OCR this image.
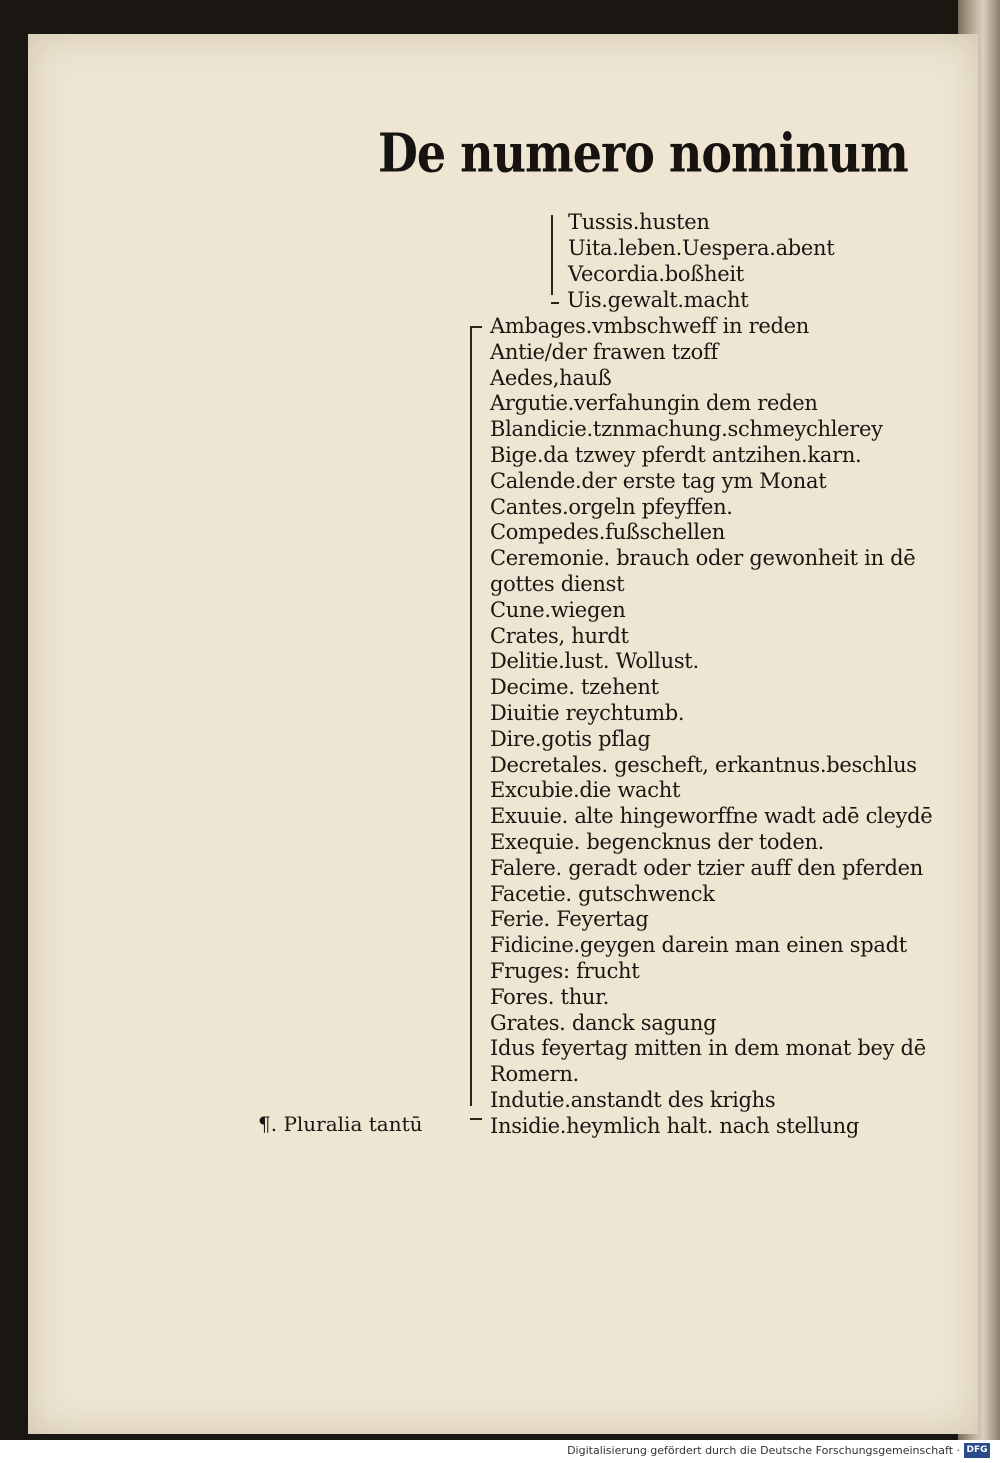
De numero nominum
Tussis.husten
Uita.leben.Uespera.abent
Vecordia.boßheit
Uis.gewalt.macht
Ambages.vmbschweff in reden
Antie/der frawen tzoff
Aedes,hauß
Argutie.verfahungin dem reden
Blandicie.tznmachung.schmeychlerey
Bige.da tzwey pferdt antzihen.karn.
Calende.der erste tag ym Monat
Cantes.orgeln pfeyffen.
Compedes.fußschellen
Ceremonie. brauch oder gewonheit in dē
gottes dienst
Cune.wiegen
Crates, hurdt
Delitie.lust. Wollust.
Decime. tzehent
Diuitie reychtumb.
Dire.gotis pflag
Decretales. gescheft, erkantnus.beschlus
Excubie.die wacht
Exuuie. alte hingeworffne wadt adē cleydē
Exequie. begencknus der toden.
Falere. geradt oder tzier auff den pferden
Facetie. gutschwenck
Ferie. Feyertag
Fidicine.geygen darein man einen spadt
Fruges: frucht
Fores. thur.
Grates. danck sagung
Idus feyertag mitten in dem monat bey dē
Romern.
Indutie.anstandt des krighs
Insidie.heymlich halt. nach stellung
¶. Pluralia tantū
Digitalisierung gefördert durch die Deutsche Forschungsgemeinschaft · DFG
